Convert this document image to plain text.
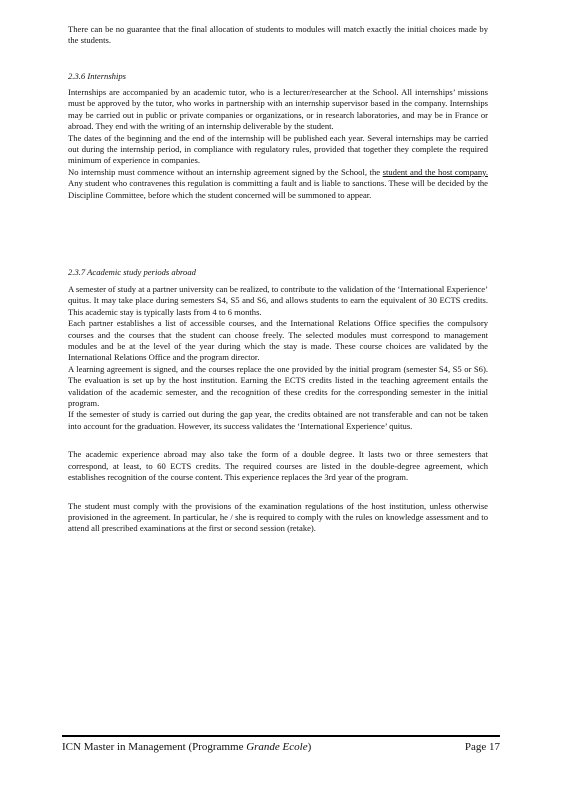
There can be no guarantee that the final allocation of students to modules will match exactly the initial choices made by the students.

2.3.6 Internships

Internships are accompanied by an academic tutor, who is a lecturer/researcher at the School. All internships’ missions must be approved by the tutor, who works in partnership with an internship supervisor based in the company. Internships may be carried out in public or private companies or organizations, or in research laboratories, and may be in France or abroad. They end with the writing of an internship deliverable by the student.

The dates of the beginning and the end of the internship will be published each year. Several internships may be carried out during the internship period, in compliance with regulatory rules, provided that together they complete the required minimum of experience in companies.

No internship must commence without an internship agreement signed by the School, the student and the host company. Any student who contravenes this regulation is committing a fault and is liable to sanctions. These will be decided by the Discipline Committee, before which the student concerned will be summoned to appear.

2.3.7 Academic study periods abroad

A semester of study at a partner university can be realized, to contribute to the validation of the ‘International Experience’ quitus. It may take place during semesters S4, S5 and S6, and allows students to earn the equivalent of 30 ECTS credits. This academic stay is typically lasts from 4 to 6 months.

Each partner establishes a list of accessible courses, and the International Relations Office specifies the compulsory courses and the courses that the student can choose freely. The selected modules must correspond to management modules and be at the level of the year during which the stay is made. These course choices are validated by the International Relations Office and the program director.

A learning agreement is signed, and the courses replace the one provided by the initial program (semester S4, S5 or S6). The evaluation is set up by the host institution. Earning the ECTS credits listed in the teaching agreement entails the validation of the academic semester, and the recognition of these credits for the corresponding semester in the initial program.

If the semester of study is carried out during the gap year, the credits obtained are not transferable and can not be taken into account for the graduation. However, its success validates the ‘International Experience’ quitus.

The academic experience abroad may also take the form of a double degree. It lasts two or three semesters that correspond, at least, to 60 ECTS credits. The required courses are listed in the double-degree agreement, which establishes recognition of the course content. This experience replaces the 3rd year of the program.

The student must comply with the provisions of the examination regulations of the host institution, unless otherwise provisioned in the agreement. In particular, he / she is required to comply with the rules on knowledge assessment and to attend all prescribed examinations at the first or second session (retake).

ICN Master in Management (Programme Grande Ecole)	Page 17
